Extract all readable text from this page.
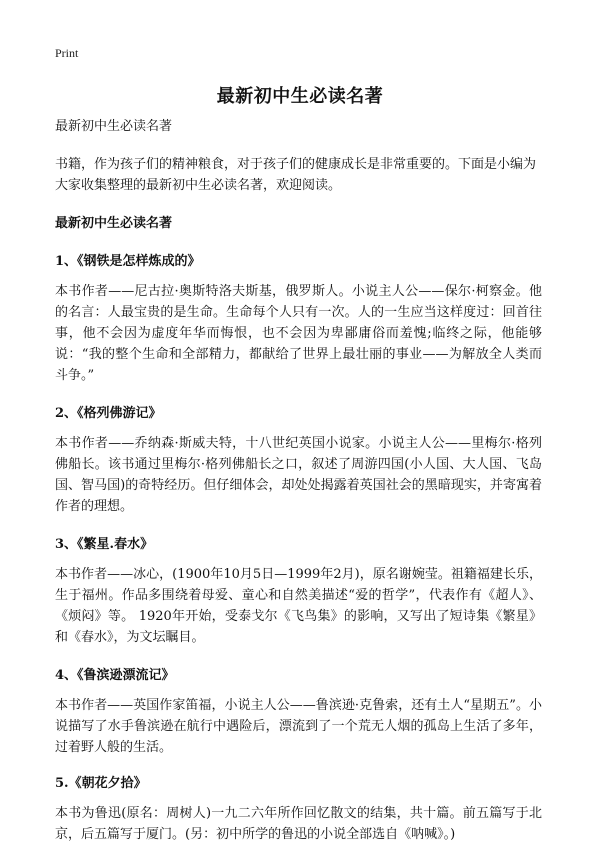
Print
最新初中生必读名著

最新初中生必读名著

书籍，作为孩子们的精神粮食，对于孩子们的健康成长是非常重要的。下面是小编为大家收集整理的最新初中生必读名著，欢迎阅读。

最新初中生必读名著

1、《钢铁是怎样炼成的》

本书作者——尼古拉·奥斯特洛夫斯基，俄罗斯人。小说主人公——保尔·柯察金。他的名言：人最宝贵的是生命。生命每个人只有一次。人的一生应当这样度过：回首往事，他不会因为虚度年华而悔恨，也不会因为卑鄙庸俗而羞愧;临终之际，他能够说：“我的整个生命和全部精力，都献给了世界上最壮丽的事业——为解放全人类而斗争。”

2、《格列佛游记》

本书作者——乔纳森·斯威夫特，十八世纪英国小说家。小说主人公——里梅尔·格列佛船长。该书通过里梅尔·格列佛船长之口，叙述了周游四国(小人国、大人国、飞岛国、智马国)的奇特经历。但仔细体会，却处处揭露着英国社会的黑暗现实，并寄寓着作者的理想。

3、《繁星.春水》

本书作者——冰心，(1900年10月5日—1999年2月)，原名谢婉莹。祖籍福建长乐，生于福州。作品多围绕着母爱、童心和自然美描述“爱的哲学”，代表作有《超人》、《烦闷》等。 1920年开始，受泰戈尔《飞鸟集》的影响，又写出了短诗集《繁星》和《春水》，为文坛瞩目。

4、《鲁滨逊漂流记》

本书作者——英国作家笛福，小说主人公——鲁滨逊·克鲁索，还有土人“星期五”。小说描写了水手鲁滨逊在航行中遇险后，漂流到了一个荒无人烟的孤岛上生活了多年，过着野人般的生活。

5.《朝花夕拾》

本书为鲁迅(原名：周树人)一九二六年所作回忆散文的结集，共十篇。前五篇写于北京，后五篇写于厦门。(另：初中所学的鲁迅的小说全部选自《呐喊》。)
